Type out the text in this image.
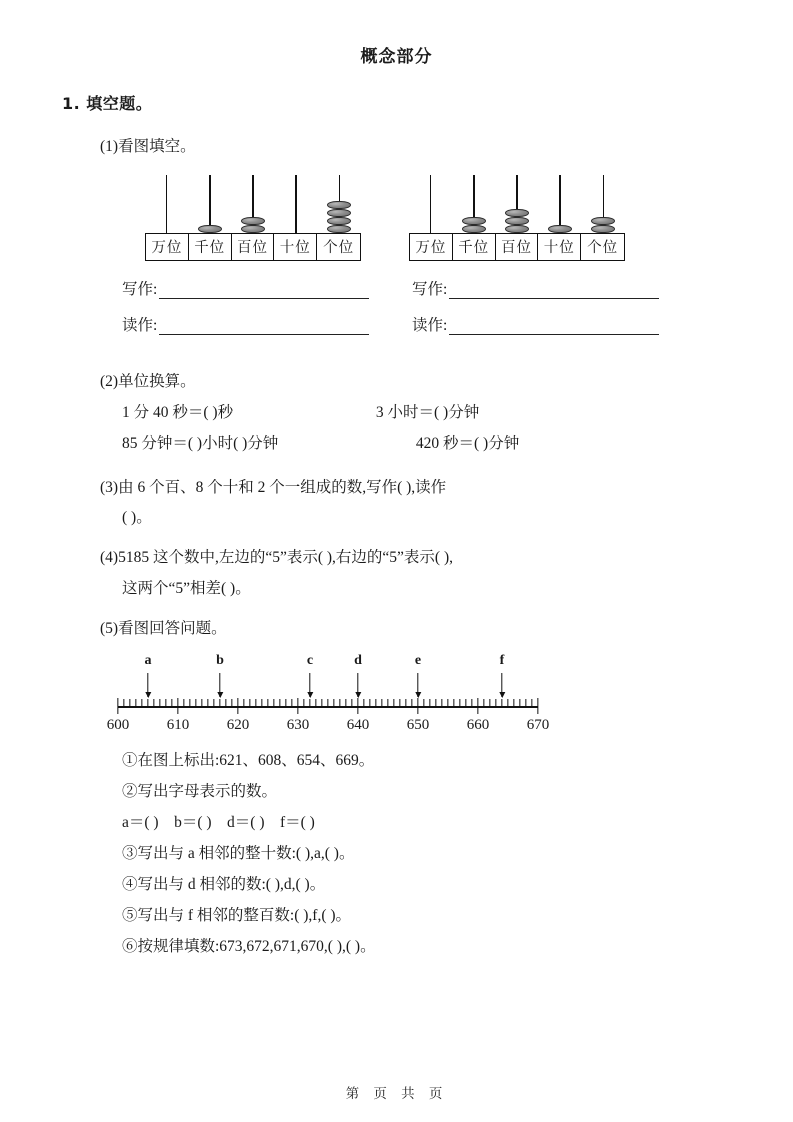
概念部分
1. 填空题。
(1)看图填空。
万位 千位 百位 十位 个位	万位 千位 百位 十位 个位
写作:
读作:
写作:
读作:
(2)单位换算。
1 分 40 秒＝( )秒	3 小时＝( )分钟
85 分钟＝( )小时( )分钟	420 秒＝( )分钟
(3)由 6 个百、8 个十和 2 个一组成的数,写作( ),读作
( )。
(4)5185 这个数中,左边的“5”表示( ),右边的“5”表示( ),
这两个“5”相差( )。
(5)看图回答问题。
a	b	c	d	e	f
600	610	620	630	640	650	660	670
①在图上标出:621、608、654、669。
②写出字母表示的数。
a＝( )　b＝( )　d＝( )　f＝( )
③写出与 a 相邻的整十数:( ),a,( )。
④写出与 d 相邻的数:( ),d,( )。
⑤写出与 f 相邻的整百数:( ),f,( )。
⑥按规律填数:673,672,671,670,( ),( )。
第 页 共 页
